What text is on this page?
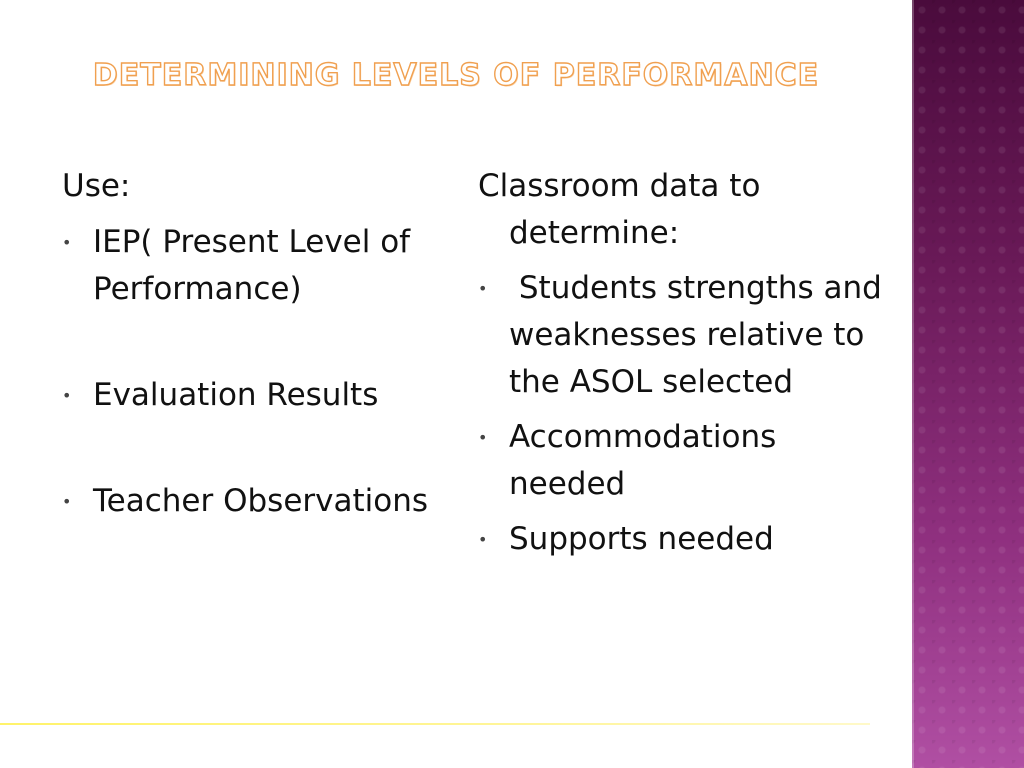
DETERMINING LEVELS OF PERFORMANCE

Use:

• IEP( Present Level of Performance)
• Evaluation Results
• Teacher Observations

Classroom data to determine:

• Students strengths and weaknesses relative to the ASOL selected
• Accommodations needed
• Supports needed
